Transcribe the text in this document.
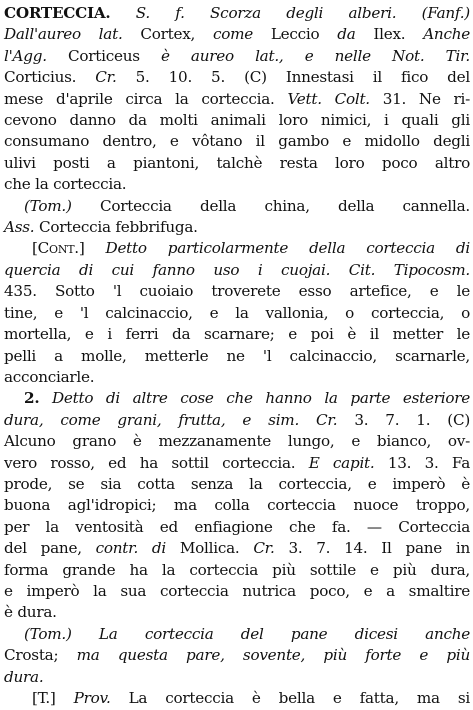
CORTECCIA. S. f. Scorza degli alberi. (Fanf.)
Dall'aureo lat. Cortex, come Leccio da Ilex. Anche
l'Agg. Corticeus è aureo lat., e nelle Not. Tir.
Corticius. Cr. 5. 10. 5. (C) Innestasi il fico del
mese d'aprile circa la corteccia. Vett. Colt. 31. Ne ri-
cevono danno da molti animali loro nimici, i quali gli
consumano dentro, e vôtano il gambo e midollo degli
ulivi posti a piantoni, talchè resta loro poco altro
che la corteccia.
(Tom.) Corteccia della china, della cannella.
Ass. Corteccia febbrifuga.
[Cont.] Detto particolarmente della corteccia di
quercia di cui fanno uso i cuojai. Cit. Tipocosm.
435. Sotto 'l cuoiaio troverete esso artefice, e le
tine, e 'l calcinaccio, e la vallonia, o corteccia, o
mortella, e i ferri da scarnare; e poi è il metter le
pelli a molle, metterle ne 'l calcinaccio, scarnarle,
acconciarle.
2. Detto di altre cose che hanno la parte esteriore
dura, come grani, frutta, e sim. Cr. 3. 7. 1. (C)
Alcuno grano è mezzanamente lungo, e bianco, ov-
vero rosso, ed ha sottil corteccia. E capit. 13. 3. Fa
prode, se sia cotta senza la corteccia, e imperò è
buona agl'idropici; ma colla corteccia nuoce troppo,
per la ventosità ed enfiagione che fa. — Corteccia
del pane, contr. di Mollica. Cr. 3. 7. 14. Il pane in
forma grande ha la corteccia più sottile e più dura,
e imperò la sua corteccia nutrica poco, e a smaltire
è dura.
(Tom.) La corteccia del pane dicesi anche
Crosta; ma questa pare, sovente, più forte e più
dura.
[T.] Prov. La corteccia è bella e fatta, ma si
